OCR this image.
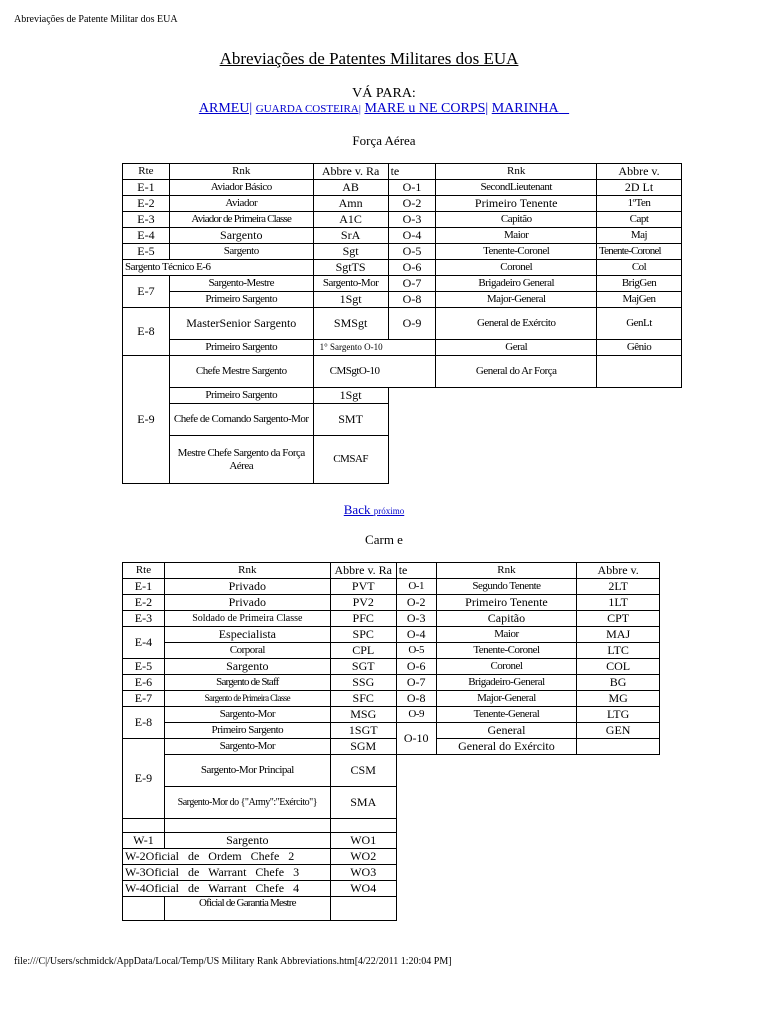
Abreviações de Patente Militar dos EUA
Abreviações de Patentes Militares dos EUA
VÁ PARA:
ARMEU| GUARDA COSTEIRA| MARE u NE CORPS| MARINHA
Força Aérea
Rte	Rnk	Abbre v. Ra	te	Rnk	Abbre v.
E-1	Aviador Básico	AB	O-1	SecondLieutenant	2D Lt
E-2	Aviador	Amn	O-2	Primeiro Tenente	1ºTen
E-3	Aviador de Primeira Classe	A1C	O-3	Capitão	Capt
E-4	Sargento	SrA	O-4	Maior	Maj
E-5	Sargento	Sgt	O-5	Tenente-Coronel	Tenente-Coronel
Sargento Técnico E-6		SgtTS	O-6	Coronel	Col
E-7	Sargento-Mestre	Sargento-Mor	O-7	Brigadeiro General	BrigGen
	Primeiro Sargento	1Sgt	O-8	Major-General	MajGen
E-8	MasterSenior Sargento	SMSgt	O-9	General de Exército	GenLt
	Primeiro Sargento	1° Sargento O-10		Geral	Gênio
E-9	Chefe Mestre Sargento	CMSgtO-10		General do Ar Força	
	Primeiro Sargento	1Sgt			
	Chefe de Comando Sargento-Mor	SMT			
	Mestre Chefe Sargento da Força Aérea	CMSAF			
Back próximo
Carm e
Rte	Rnk	Abbre v. Ra	te	Rnk	Abbre v.
E-1	Privado	PVT	O-1	Segundo Tenente	2LT
E-2	Privado	PV2	O-2	Primeiro Tenente	1LT
E-3	Soldado de Primeira Classe	PFC	O-3	Capitão	CPT
E-4	Especialista	SPC	O-4	Maior	MAJ
	Corporal	CPL	O-5	Tenente-Coronel	LTC
E-5	Sargento	SGT	O-6	Coronel	COL
E-6	Sargento de Staff	SSG	O-7	Brigadeiro-General	BG
E-7	Sargento de Primeira Classe	SFC	O-8	Major-General	MG
E-8	Sargento-Mor	MSG	O-9	Tenente-General	LTG
	Primeiro Sargento	1SGT	O-10	General	GEN
E-9	Sargento-Mor	SGM		General do Exército	
	Sargento-Mor Principal	CSM			
	Sargento-Mor do {"Army":"Exército"}	SMA			

W-1	Sargento	WO1			
W-2Oficial de Ordem Chefe 2		WO2			
W-3Oficial de Warrant Chefe 3		WO3			
W-4Oficial de Warrant Chefe 4		WO4			
	Oficial de Garantia Mestre				
file:///C|/Users/schmidck/AppData/Local/Temp/US Military Rank Abbreviations.htm[4/22/2011 1:20:04 PM]
